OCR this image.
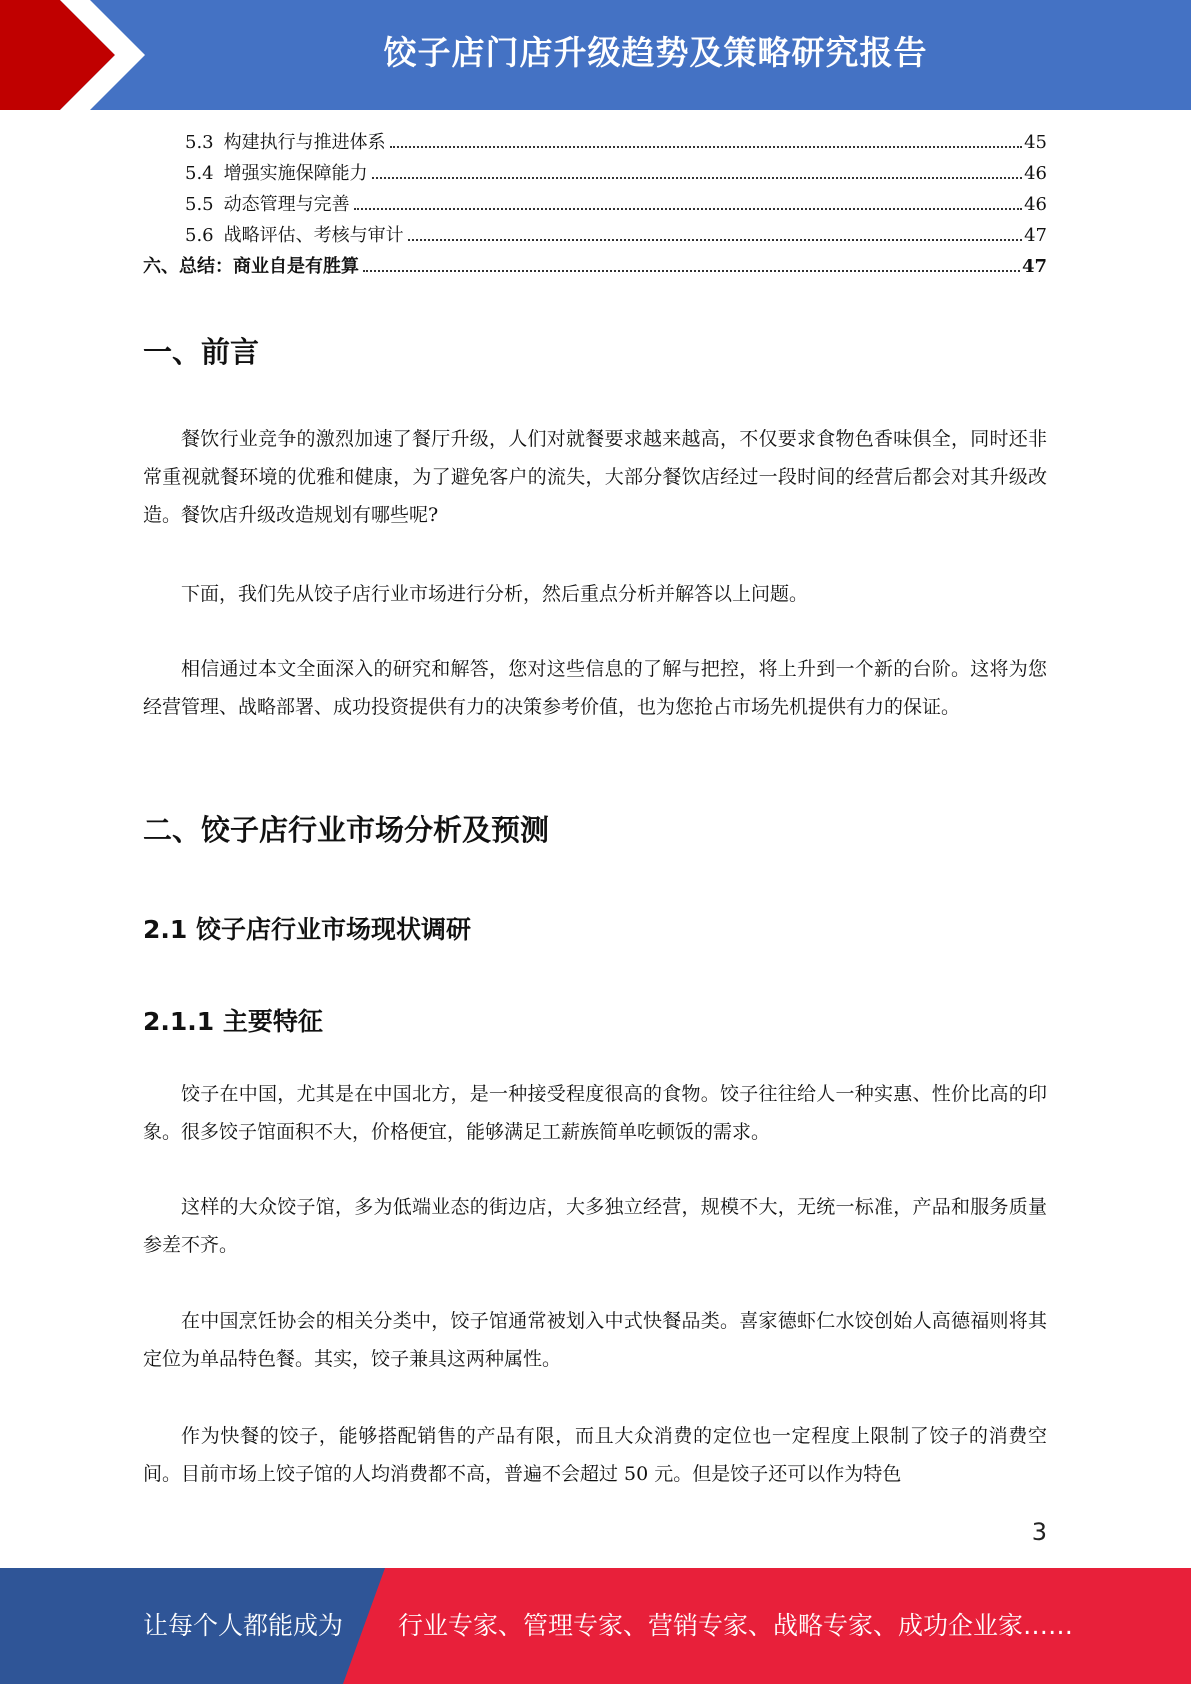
饺子店门店升级趋势及策略研究报告
5.3 构建执行与推进体系	45
5.4 增强实施保障能力	46
5.5 动态管理与完善	46
5.6 战略评估、考核与审计	47
六、总结：商业自是有胜算	47
一、前言

餐饮行业竞争的激烈加速了餐厅升级，人们对就餐要求越来越高，不仅要求食物色香味俱全，同时还非常重视就餐环境的优雅和健康，为了避免客户的流失，大部分餐饮店经过一段时间的经营后都会对其升级改造。餐饮店升级改造规划有哪些呢?

下面，我们先从饺子店行业市场进行分析，然后重点分析并解答以上问题。

相信通过本文全面深入的研究和解答，您对这些信息的了解与把控，将上升到一个新的台阶。这将为您经营管理、战略部署、成功投资提供有力的决策参考价值，也为您抢占市场先机提供有力的保证。

二、饺子店行业市场分析及预测
2.1 饺子店行业市场现状调研
2.1.1 主要特征

饺子在中国，尤其是在中国北方，是一种接受程度很高的食物。饺子往往给人一种实惠、性价比高的印象。很多饺子馆面积不大，价格便宜，能够满足工薪族简单吃顿饭的需求。

这样的大众饺子馆，多为低端业态的街边店，大多独立经营，规模不大，无统一标准，产品和服务质量参差不齐。

在中国烹饪协会的相关分类中，饺子馆通常被划入中式快餐品类。喜家德虾仁水饺创始人高德福则将其定位为单品特色餐。其实，饺子兼具这两种属性。

作为快餐的饺子，能够搭配销售的产品有限，而且大众消费的定位也一定程度上限制了饺子的消费空间。目前市场上饺子馆的人均消费都不高，普遍不会超过 50 元。但是饺子还可以作为特色

3
让每个人都能成为 行业专家、管理专家、营销专家、战略专家、成功企业家……
